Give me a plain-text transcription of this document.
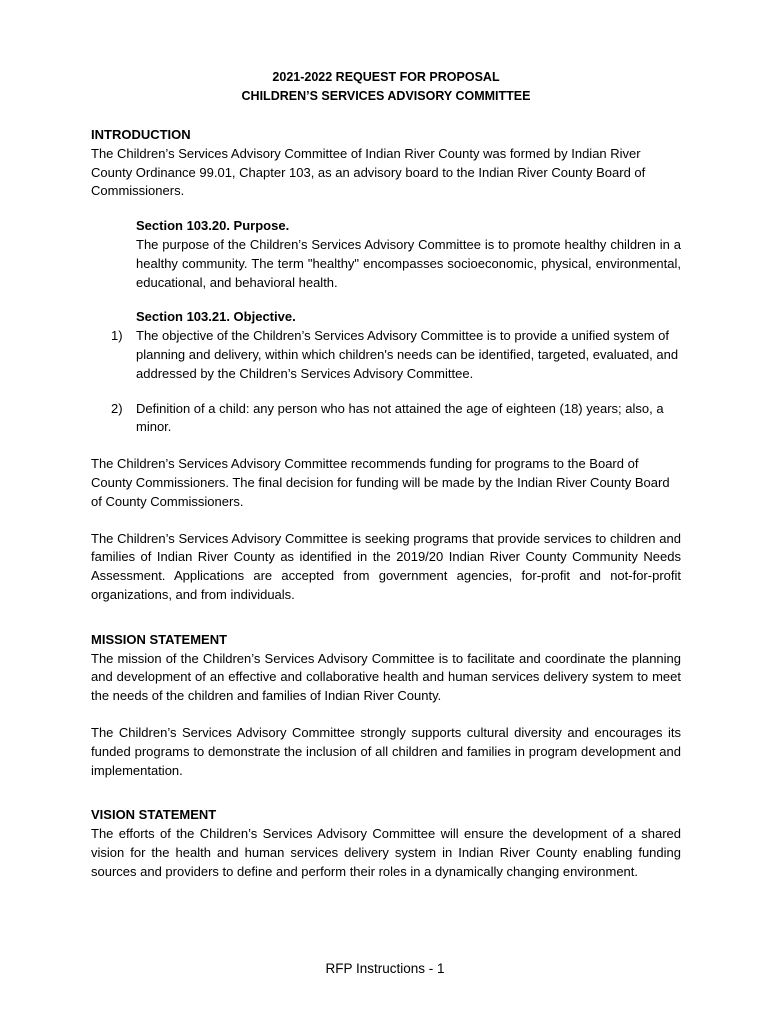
2021-2022 REQUEST FOR PROPOSAL
CHILDREN’S SERVICES ADVISORY COMMITTEE
INTRODUCTION

The Children’s Services Advisory Committee of Indian River County was formed by Indian River County Ordinance 99.01, Chapter 103, as an advisory board to the Indian River County Board of Commissioners.

Section 103.20. Purpose.

The purpose of the Children’s Services Advisory Committee is to promote healthy children in a healthy community. The term "healthy" encompasses socioeconomic, physical, environmental, educational, and behavioral health.

Section 103.21. Objective.
1) The objective of the Children’s Services Advisory Committee is to provide a unified system of planning and delivery, within which children's needs can be identified, targeted, evaluated, and addressed by the Children’s Services Advisory Committee.
2) Definition of a child: any person who has not attained the age of eighteen (18) years; also, a minor.

The Children’s Services Advisory Committee recommends funding for programs to the Board of County Commissioners. The final decision for funding will be made by the Indian River County Board of County Commissioners.

The Children’s Services Advisory Committee is seeking programs that provide services to children and families of Indian River County as identified in the 2019/20 Indian River County Community Needs Assessment. Applications are accepted from government agencies, for-profit and not-for-profit organizations, and from individuals.

MISSION STATEMENT

The mission of the Children’s Services Advisory Committee is to facilitate and coordinate the planning and development of an effective and collaborative health and human services delivery system to meet the needs of the children and families of Indian River County.

The Children’s Services Advisory Committee strongly supports cultural diversity and encourages its funded programs to demonstrate the inclusion of all children and families in program development and implementation.

VISION STATEMENT

The efforts of the Children’s Services Advisory Committee will ensure the development of a shared vision for the health and human services delivery system in Indian River County enabling funding sources and providers to define and perform their roles in a dynamically changing environment.

RFP Instructions - 1
